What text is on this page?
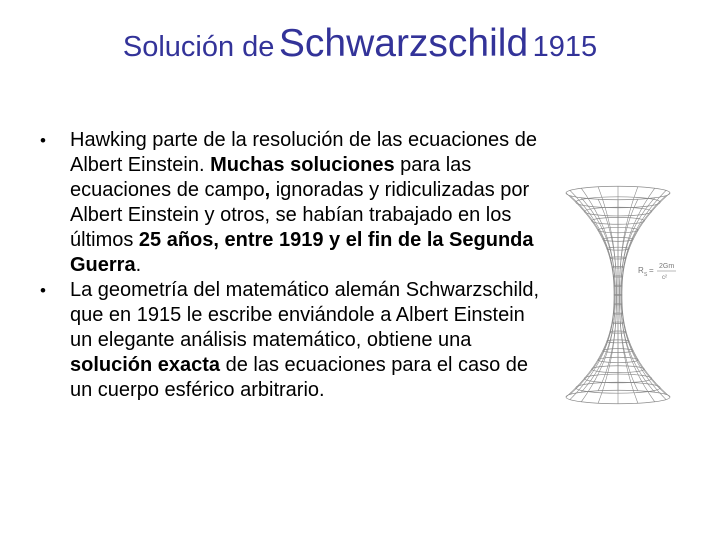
Solución de Schwarzschild 1915
• Hawking parte de la resolución de las ecuaciones de Albert Einstein. Muchas soluciones para las ecuaciones de campo, ignoradas y ridiculizadas por Albert Einstein y otros, se habían trabajado en los últimos 25 años, entre 1919 y el fin de la Segunda Guerra.
• La geometría del matemático alemán Schwarzschild, que en 1915 le escribe enviándole a Albert Einstein un elegante análisis matemático, obtiene una solución exacta de las ecuaciones para el caso de un cuerpo esférico arbitrario.
R S = 2Gm
c²
